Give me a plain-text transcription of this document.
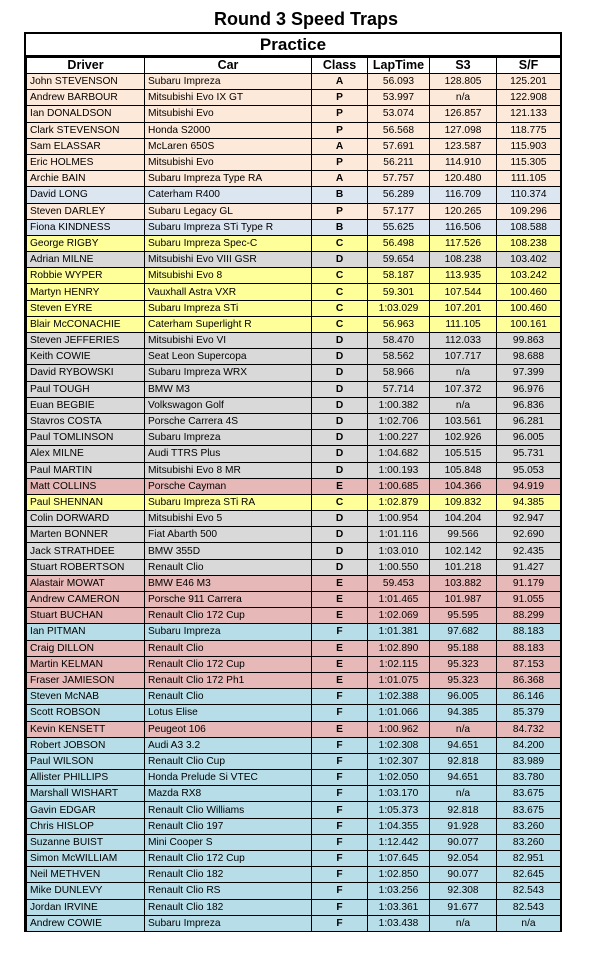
Round 3 Speed Traps
Practice
Driver	Car	Class	LapTime	S3	S/F
John STEVENSON	Subaru Impreza	A	56.093	128.805	125.201
Andrew BARBOUR	Mitsubishi Evo IX GT	P	53.997	n/a	122.908
Ian DONALDSON	Mitsubishi Evo	P	53.074	126.857	121.133
Clark STEVENSON	Honda S2000	P	56.568	127.098	118.775
Sam ELASSAR	McLaren 650S	A	57.691	123.587	115.903
Eric HOLMES	Mitsubishi Evo	P	56.211	114.910	115.305
Archie BAIN	Subaru Impreza Type RA	A	57.757	120.480	111.105
David LONG	Caterham R400	B	56.289	116.709	110.374
Steven DARLEY	Subaru Legacy GL	P	57.177	120.265	109.296
Fiona KINDNESS	Subaru Impreza STi Type R	B	55.625	116.506	108.588
George RIGBY	Subaru Impreza Spec-C	C	56.498	117.526	108.238
Adrian MILNE	Mitsubishi Evo VIII GSR	D	59.654	108.238	103.402
Robbie WYPER	Mitsubishi Evo 8	C	58.187	113.935	103.242
Martyn HENRY	Vauxhall Astra VXR	C	59.301	107.544	100.460
Steven EYRE	Subaru Impreza STi	C	1:03.029	107.201	100.460
Blair McCONACHIE	Caterham Superlight R	C	56.963	111.105	100.161
Steven JEFFERIES	Mitsubishi Evo VI	D	58.470	112.033	99.863
Keith COWIE	Seat Leon Supercopa	D	58.562	107.717	98.688
David RYBOWSKI	Subaru Impreza WRX	D	58.966	n/a	97.399
Paul TOUGH	BMW M3	D	57.714	107.372	96.976
Euan BEGBIE	Volkswagon Golf	D	1:00.382	n/a	96.836
Stavros COSTA	Porsche Carrera 4S	D	1:02.706	103.561	96.281
Paul TOMLINSON	Subaru Impreza	D	1:00.227	102.926	96.005
Alex MILNE	Audi TTRS Plus	D	1:04.682	105.515	95.731
Paul MARTIN	Mitsubishi Evo 8 MR	D	1:00.193	105.848	95.053
Matt COLLINS	Porsche Cayman	E	1:00.685	104.366	94.919
Paul SHENNAN	Subaru Impreza STi RA	C	1:02.879	109.832	94.385
Colin DORWARD	Mitsubishi Evo 5	D	1:00.954	104.204	92.947
Marten BONNER	Fiat Abarth 500	D	1:01.116	99.566	92.690
Jack STRATHDEE	BMW 355D	D	1:03.010	102.142	92.435
Stuart ROBERTSON	Renault Clio	D	1:00.550	101.218	91.427
Alastair MOWAT	BMW E46 M3	E	59.453	103.882	91.179
Andrew CAMERON	Porsche 911 Carrera	E	1:01.465	101.987	91.055
Stuart BUCHAN	Renault Clio 172 Cup	E	1:02.069	95.595	88.299
Ian PITMAN	Subaru Impreza	F	1:01.381	97.682	88.183
Craig DILLON	Renault Clio	E	1:02.890	95.188	88.183
Martin KELMAN	Renault Clio 172 Cup	E	1:02.115	95.323	87.153
Fraser JAMIESON	Renault Clio 172 Ph1	E	1:01.075	95.323	86.368
Steven McNAB	Renault Clio	F	1:02.388	96.005	86.146
Scott ROBSON	Lotus Elise	F	1:01.066	94.385	85.379
Kevin KENSETT	Peugeot 106	E	1:00.962	n/a	84.732
Robert JOBSON	Audi A3 3.2	F	1:02.308	94.651	84.200
Paul WILSON	Renault Clio Cup	F	1:02.307	92.818	83.989
Allister PHILLIPS	Honda Prelude Si VTEC	F	1:02.050	94.651	83.780
Marshall WISHART	Mazda RX8	F	1:03.170	n/a	83.675
Gavin EDGAR	Renault Clio Williams	F	1:05.373	92.818	83.675
Chris HISLOP	Renault Clio 197	F	1:04.355	91.928	83.260
Suzanne BUIST	Mini Cooper S	F	1:12.442	90.077	83.260
Simon McWILLIAM	Renault Clio 172 Cup	F	1:07.645	92.054	82.951
Neil METHVEN	Renault Clio 182	F	1:02.850	90.077	82.645
Mike DUNLEVY	Renault Clio RS	F	1:03.256	92.308	82.543
Jordan IRVINE	Renault Clio 182	F	1:03.361	91.677	82.543
Andrew COWIE	Subaru Impreza	F	1:03.438	n/a	n/a
